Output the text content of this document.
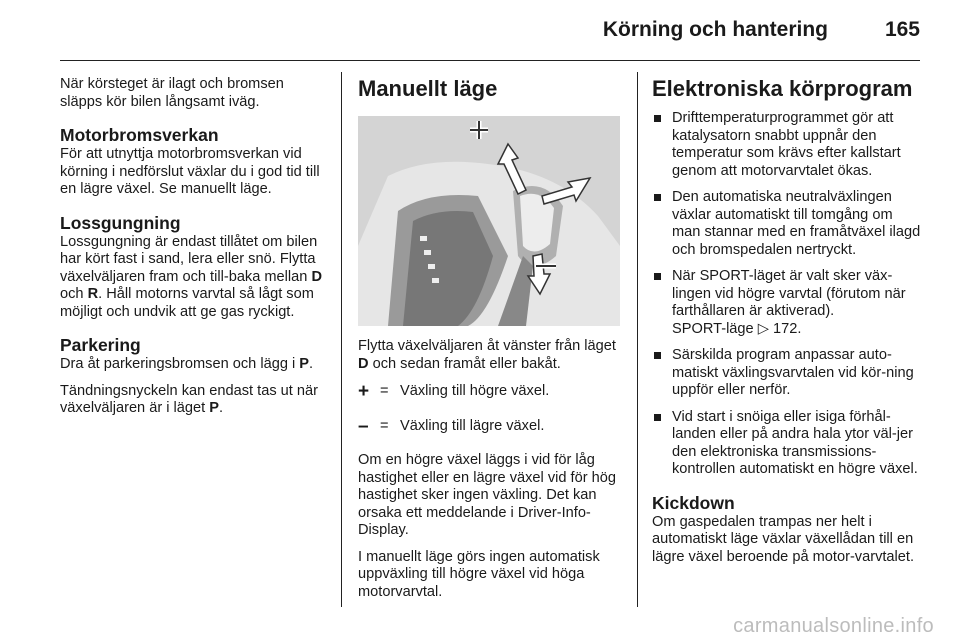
Körning och hantering	165

När körsteget är ilagt och bromsen släpps kör bilen långsamt iväg.

Motorbromsverkan

För att utnyttja motorbromsverkan vid körning i nedförslut växlar du i god tid till en lägre växel. Se manuellt läge.

Lossgungning

Lossgungning är endast tillåtet om bilen har kört fast i sand, lera eller snö. Flytta växelväljaren fram och till-baka mellan D och R. Håll motorns varvtal så lågt som möjligt och undvik att ge gas ryckigt.

Parkering

Dra åt parkeringsbromsen och lägg i P.

Tändningsnyckeln kan endast tas ut när växelväljaren är i läget P.

Manuellt läge

Flytta växelväljaren åt vänster från läget D och sedan framåt eller bakåt.

+ = Växling till högre växel.
– = Växling till lägre växel.

Om en högre växel läggs i vid för låg hastighet eller en lägre växel vid för hög hastighet sker ingen växling. Det kan orsaka ett meddelande i Driver-Info-Display.

I manuellt läge görs ingen automatisk uppväxling till högre växel vid höga motorvarvtal.

Elektroniska körprogram
Drifttemperaturprogrammet gör att katalysatorn snabbt uppnår den temperatur som krävs efter kallstart genom att motorvarvtalet ökas.
Den automatiska neutralväxlingen växlar automatiskt till tomgång om man stannar med en framåtväxel ilagd och bromspedalen nertryckt.
När SPORT-läget är valt sker väx-lingen vid högre varvtal (förutom när farthållaren är aktiverad).
SPORT-läge ▷ 172.
Särskilda program anpassar auto-matiskt växlingsvarvtalen vid kör-ning uppför eller nerför.
Vid start i snöiga eller isiga förhål-landen eller på andra hala ytor väl-jer den elektroniska transmissions-kontrollen automatiskt en högre växel.
Kickdown

Om gaspedalen trampas ner helt i automatiskt läge växlar växellådan till en lägre växel beroende på motor-varvtalet.

carmanualsonline.info
